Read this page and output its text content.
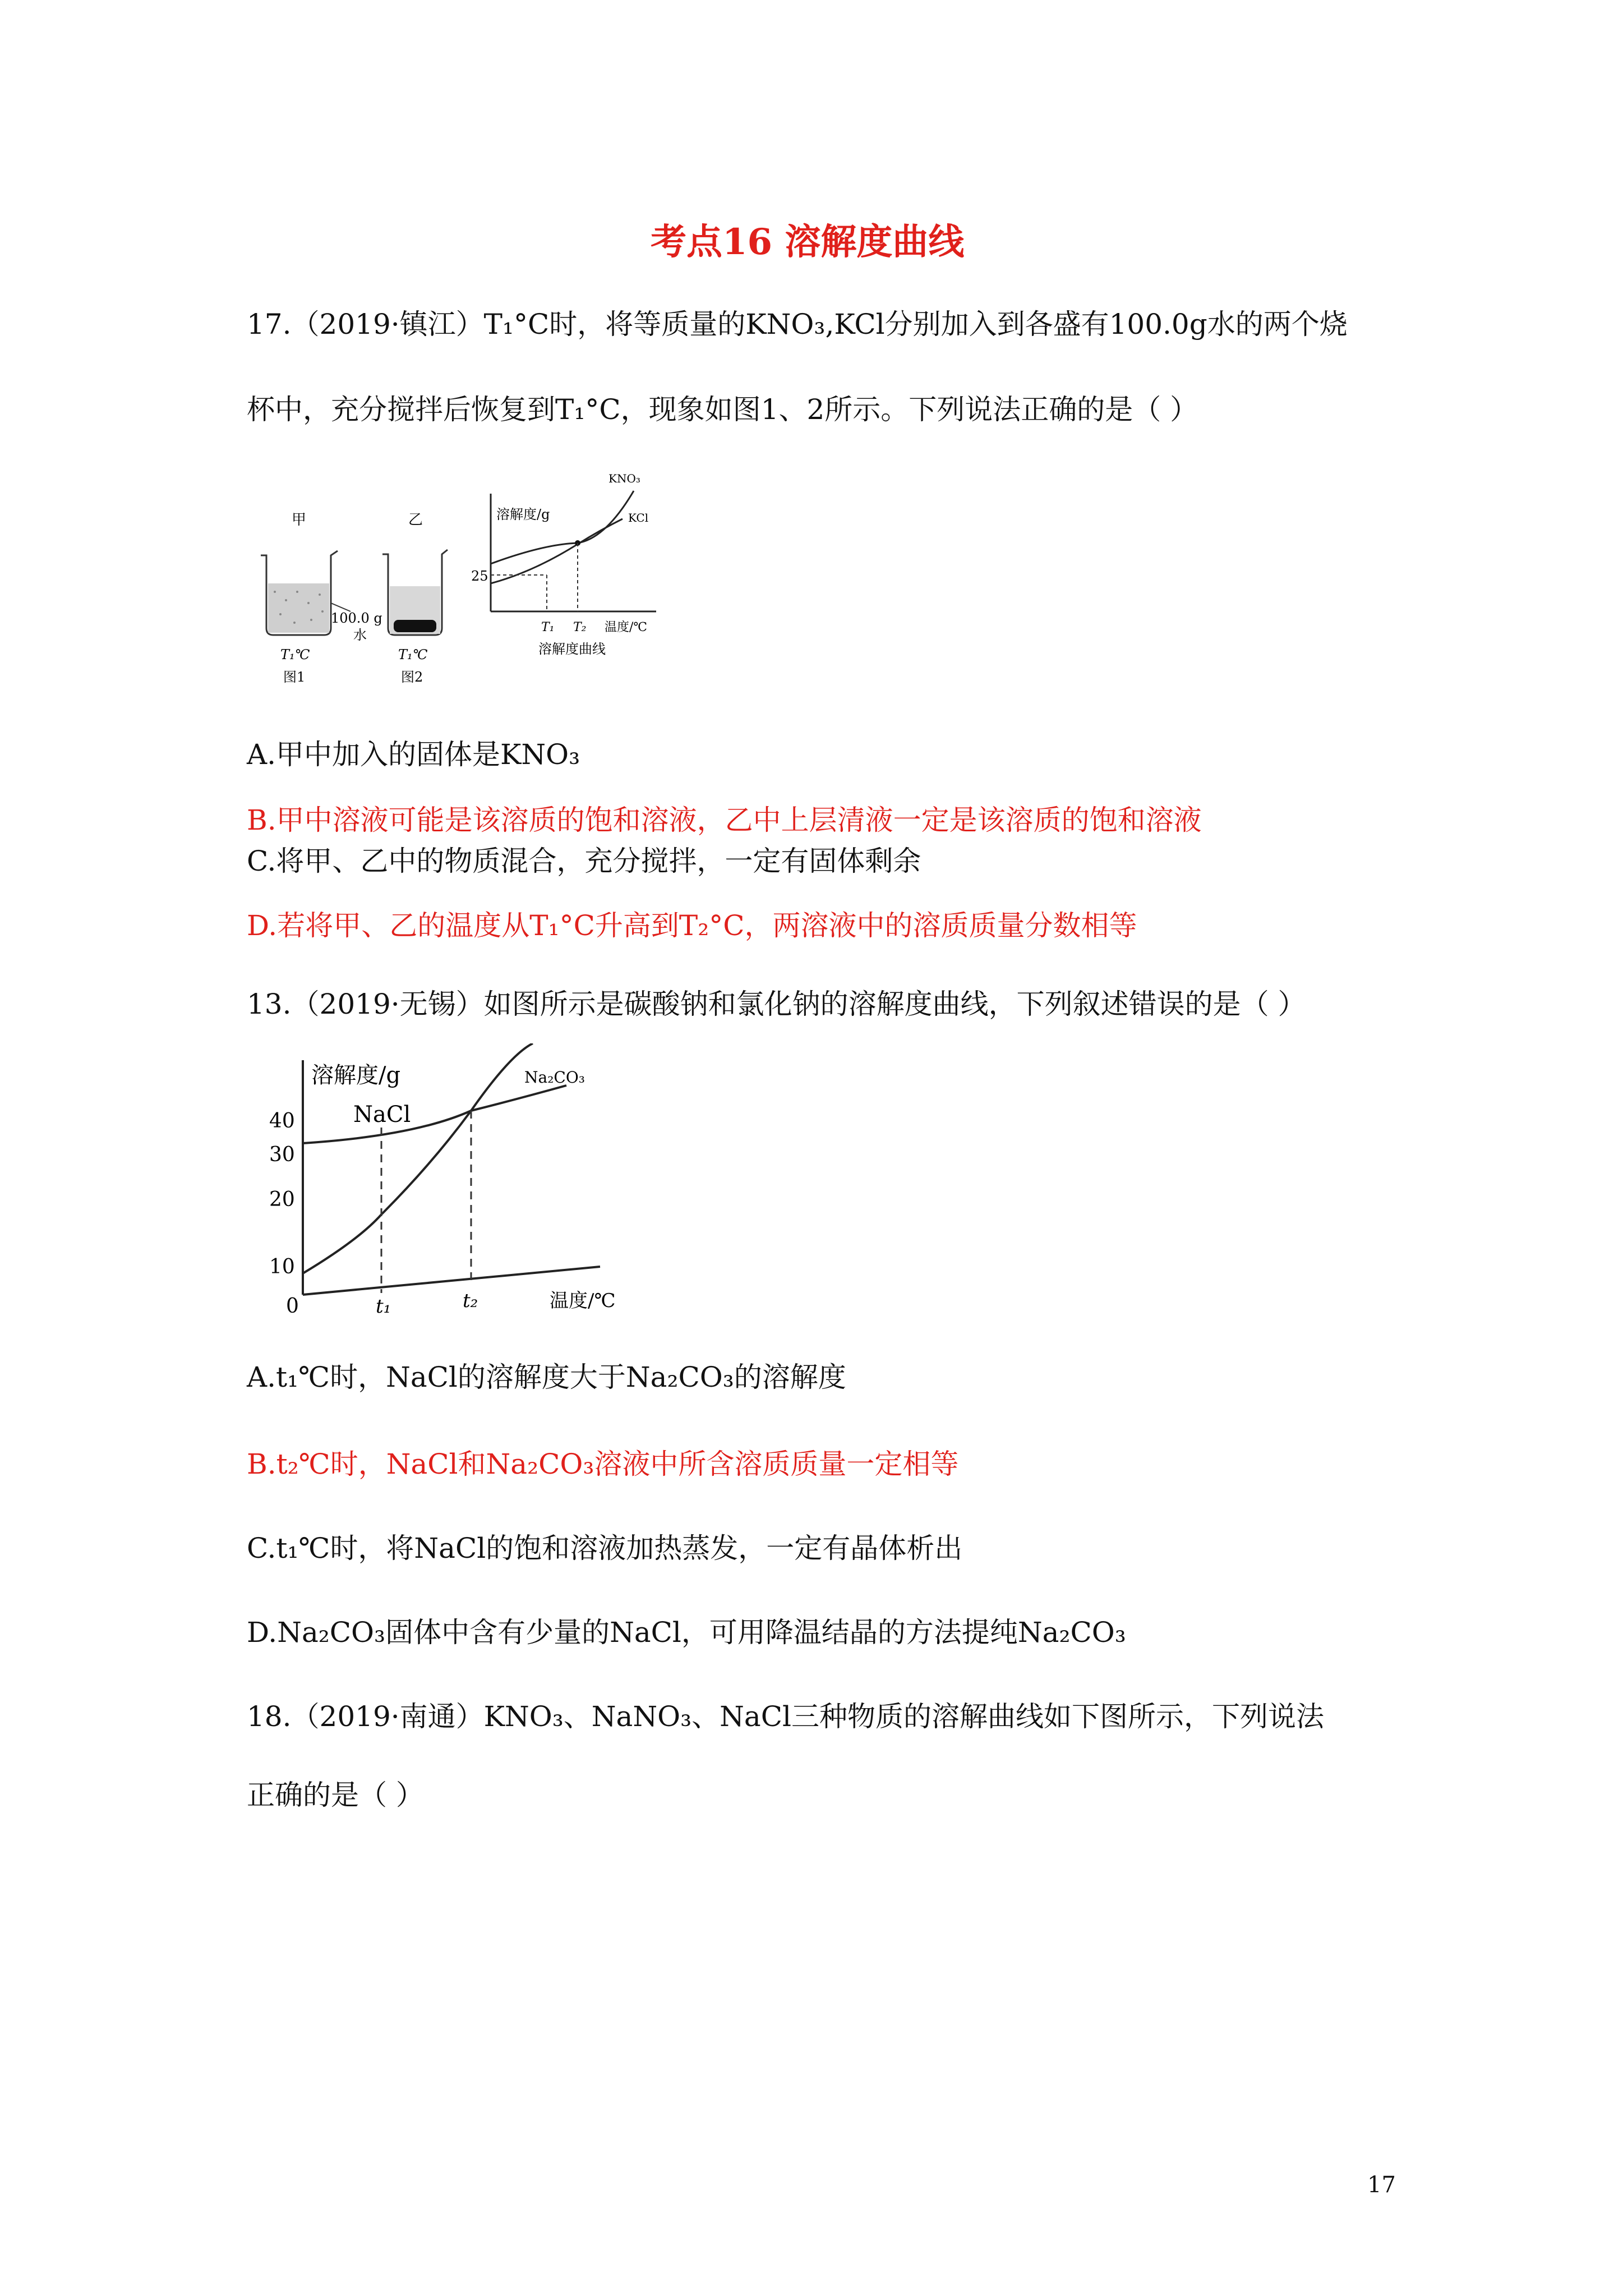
考点16 溶解度曲线
17.（2019·镇江）T₁°C时，将等质量的KNO₃,KCl分别加入到各盛有100.0g水的两个烧
杯中，充分搅拌后恢复到T₁°C，现象如图1、2所示。下列说法正确的是（ ）
甲
100.0 g
水
T₁℃
图1
乙
T₁℃
图2
溶解度/g
25
KNO₃
KCl
T₁ T₂ 温度/℃
溶解度曲线
A.甲中加入的固体是KNO₃
B.甲中溶液可能是该溶质的饱和溶液，乙中上层清液一定是该溶质的饱和溶液
C.将甲、乙中的物质混合，充分搅拌，一定有固体剩余
D.若将甲、乙的温度从T₁°C升高到T₂°C，两溶液中的溶质质量分数相等
13.（2019·无锡）如图所示是碳酸钠和氯化钠的溶解度曲线，下列叙述错误的是（ ）
溶解度/g
温度/℃
40
30
20
10
0	t₁	t₂
NaCl
Na₂CO₃
A.t₁℃时，NaCl的溶解度大于Na₂CO₃的溶解度
B.t₂℃时，NaCl和Na₂CO₃溶液中所含溶质质量一定相等
C.t₁℃时，将NaCl的饱和溶液加热蒸发，一定有晶体析出
D.Na₂CO₃固体中含有少量的NaCl，可用降温结晶的方法提纯Na₂CO₃
18.（2019·南通）KNO₃、NaNO₃、NaCl三种物质的溶解曲线如下图所示，下列说法
正确的是（ ）
17
